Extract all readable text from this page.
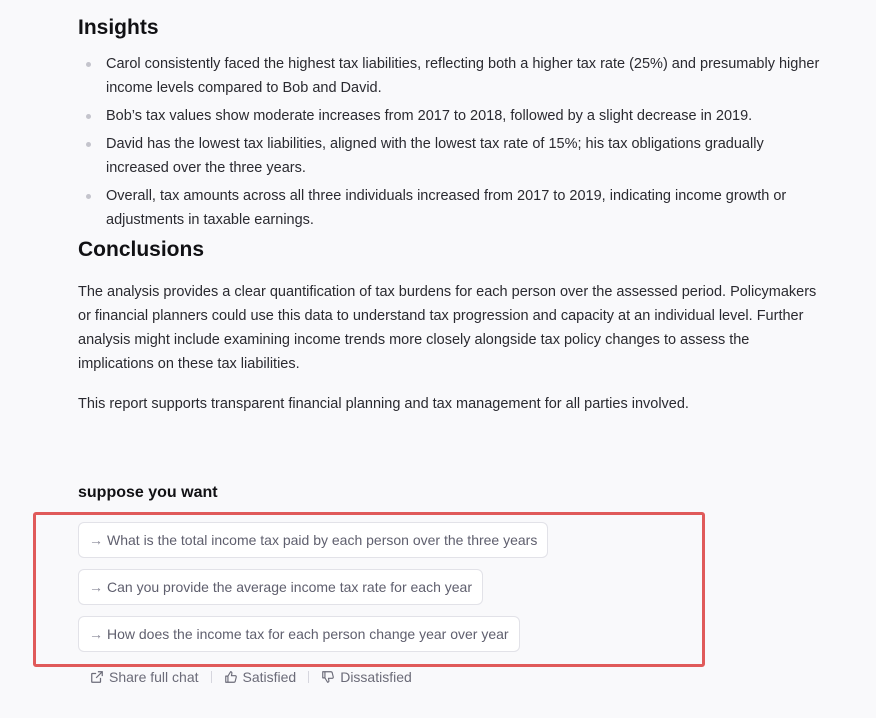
Insights
Carol consistently faced the highest tax liabilities, reflecting both a higher tax rate (25%) and presumably higher income levels compared to Bob and David.
Bob’s tax values show moderate increases from 2017 to 2018, followed by a slight decrease in 2019.
David has the lowest tax liabilities, aligned with the lowest tax rate of 15%; his tax obligations gradually increased over the three years.
Overall, tax amounts across all three individuals increased from 2017 to 2019, indicating income growth or adjustments in taxable earnings.
Conclusions

The analysis provides a clear quantification of tax burdens for each person over the assessed period. Policymakers or financial planners could use this data to understand tax progression and capacity at an individual level. Further analysis might include examining income trends more closely alongside tax policy changes to assess the implications on these tax liabilities.

This report supports transparent financial planning and tax management for all parties involved.

suppose you want
→ What is the total income tax paid by each person over the three years
→ Can you provide the average income tax rate for each year
→ How does the income tax for each person change year over year
Share full chat	Satisfied	Dissatisfied
